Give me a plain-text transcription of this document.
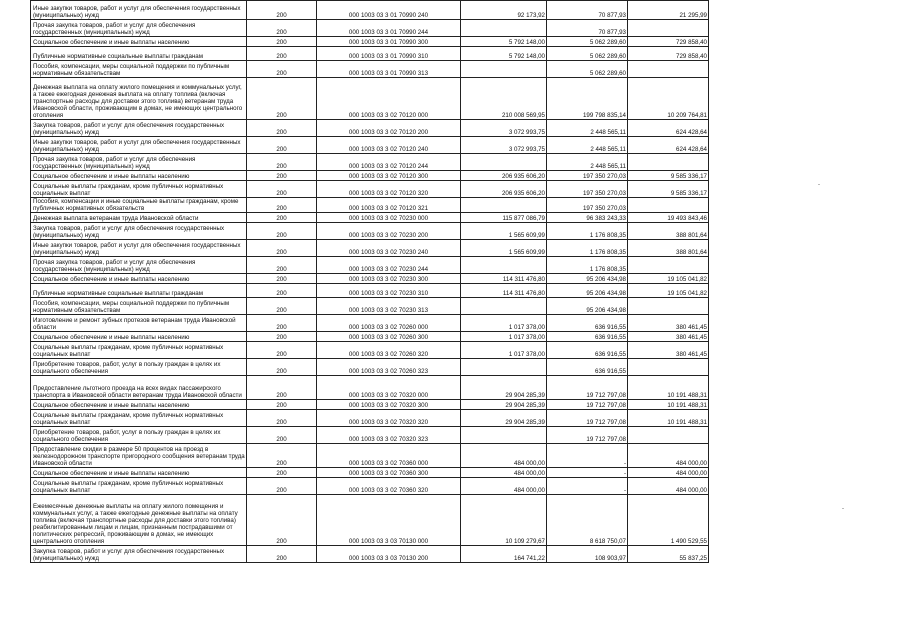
Иные закупки товаров, работ и услуг для обеспечения государственных (муниципальных) нужд	200	000 1003 03 3 01 70990 240	92 173,92	70 877,93	21 295,99
Прочая закупка товаров, работ и услуг для обеспечения государственных (муниципальных) нужд	200	000 1003 03 3 01 70990 244		70 877,93	
Социальное обеспечение и иные выплаты населению	200	000 1003 03 3 01 70990 300	5 792 148,00	5 062 289,60	729 858,40
Публичные нормативные социальные выплаты гражданам	200	000 1003 03 3 01 70990 310	5 792 148,00	5 062 289,60	729 858,40
Пособия, компенсации, меры социальной поддержки по публичным нормативным обязательствам	200	000 1003 03 3 01 70990 313		5 062 289,60	
Денежная выплата на оплату жилого помещения и коммунальных услуг, а также ежегодная денежная выплата на оплату топлива (включая транспортные расходы для доставки этого топлива) ветеранам труда Ивановской области, проживающим в домах, не имеющих центрального отопления	200	000 1003 03 3 02 70120 000	210 008 569,95	199 798 835,14	10 209 764,81
Закупка товаров, работ и услуг для обеспечения государственных (муниципальных) нужд	200	000 1003 03 3 02 70120 200	3 072 993,75	2 448 565,11	624 428,64
Иные закупки товаров, работ и услуг для обеспечения государственных (муниципальных) нужд	200	000 1003 03 3 02 70120 240	3 072 993,75	2 448 565,11	624 428,64
Прочая закупка товаров, работ и услуг для обеспечения государственных (муниципальных) нужд	200	000 1003 03 3 02 70120 244		2 448 565,11	
Социальное обеспечение и иные выплаты населению	200	000 1003 03 3 02 70120 300	206 935 606,20	197 350 270,03	9 585 336,17
Социальные выплаты гражданам, кроме публичных нормативных социальных выплат	200	000 1003 03 3 02 70120 320	206 935 606,20	197 350 270,03	9 585 336,17
Пособия, компенсации и иные социальные выплаты гражданам, кроме публичных нормативных обязательств	200	000 1003 03 3 02 70120 321		197 350 270,03	
Денежная выплата ветеранам труда Ивановской области	200	000 1003 03 3 02 70230 000	115 877 086,79	96 383 243,33	19 493 843,46
Закупка товаров, работ и услуг для обеспечения государственных (муниципальных) нужд	200	000 1003 03 3 02 70230 200	1 565 609,99	1 176 808,35	388 801,64
Иные закупки товаров, работ и услуг для обеспечения государственных (муниципальных) нужд	200	000 1003 03 3 02 70230 240	1 565 609,99	1 176 808,35	388 801,64
Прочая закупка товаров, работ и услуг для обеспечения государственных (муниципальных) нужд	200	000 1003 03 3 02 70230 244		1 176 808,35	
Социальное обеспечение и иные выплаты населению	200	000 1003 03 3 02 70230 300	114 311 476,80	95 206 434,98	19 105 041,82
Публичные нормативные социальные выплаты гражданам	200	000 1003 03 3 02 70230 310	114 311 476,80	95 206 434,98	19 105 041,82
Пособия, компенсации, меры социальной поддержки по публичным нормативным обязательствам	200	000 1003 03 3 02 70230 313		95 206 434,98	
Изготовление и ремонт зубных протезов ветеранам труда Ивановской области	200	000 1003 03 3 02 70260 000	1 017 378,00	636 916,55	380 461,45
Социальное обеспечение и иные выплаты населению	200	000 1003 03 3 02 70260 300	1 017 378,00	636 916,55	380 461,45
Социальные выплаты гражданам, кроме публичных нормативных социальных выплат	200	000 1003 03 3 02 70260 320	1 017 378,00	636 916,55	380 461,45
Приобретение товаров, работ, услуг в пользу граждан в целях их социального обеспечения	200	000 1003 03 3 02 70260 323		636 916,55	
Предоставление льготного проезда на всех видах пассажирского транспорта в Ивановской области ветеранам труда Ивановской области	200	000 1003 03 3 02 70320 000	29 904 285,39	19 712 797,08	10 191 488,31
Социальное обеспечение и иные выплаты населению	200	000 1003 03 3 02 70320 300	29 904 285,39	19 712 797,08	10 191 488,31
Социальные выплаты гражданам, кроме публичных нормативных социальных выплат	200	000 1003 03 3 02 70320 320	29 904 285,39	19 712 797,08	10 191 488,31
Приобретение товаров, работ, услуг в пользу граждан в целях их социального обеспечения	200	000 1003 03 3 02 70320 323		19 712 797,08	
Предоставление скидки в размере 50 процентов на проезд в железнодорожном транспорте пригородного сообщения ветеранам труда Ивановской области	200	000 1003 03 3 02 70360 000	484 000,00	-	484 000,00
Социальное обеспечение и иные выплаты населению	200	000 1003 03 3 02 70360 300	484 000,00	-	484 000,00
Социальные выплаты гражданам, кроме публичных нормативных социальных выплат	200	000 1003 03 3 02 70360 320	484 000,00	-	484 000,00
Ежемесячные денежные выплаты на оплату жилого помещения и коммунальных услуг, а также ежегодные денежные выплаты на оплату топлива (включая транспортные расходы для доставки этого топлива) реабилитированным лицам и лицам, признанным пострадавшими от политических репрессий, проживающим в домах, не имеющих центрального отопления	200	000 1003 03 3 03 70130 000	10 109 279,67	8 618 750,07	1 490 529,55
Закупка товаров, работ и услуг для обеспечения государственных (муниципальных) нужд	200	000 1003 03 3 03 70130 200	164 741,22	108 903,97	55 837,25
